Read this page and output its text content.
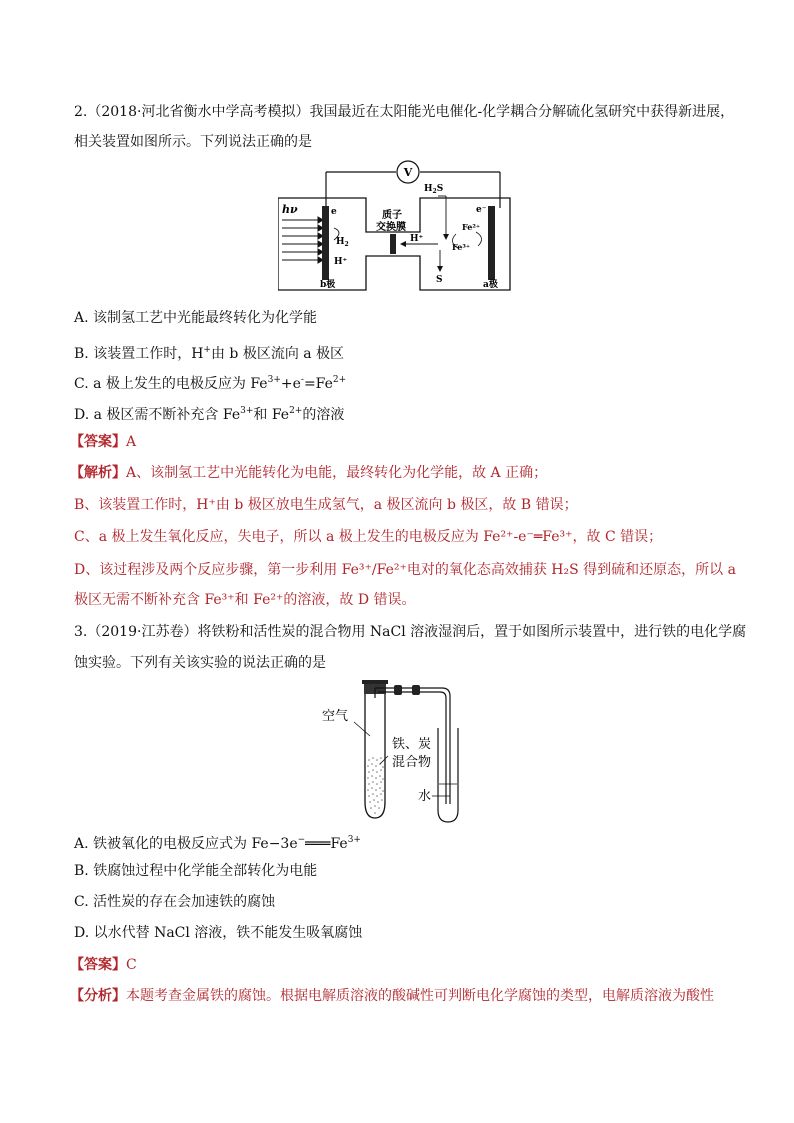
2.（2018·河北省衡水中学高考模拟）我国最近在太阳能光电催化-化学耦合分解硫化氢研究中获得新进展，
相关装置如图所示。下列说法正确的是
V
hν	e
$H_2$
H⁺
b极
质子
交换膜
$H_2S$
H⁺
S
Fe²⁺
Fe³⁺
e⁻
a极
A. 该制氢工艺中光能最终转化为化学能
B. 该装置工作时，H+由 b 极区流向 a 极区
C. a 极上发生的电极反应为 $Fe^{3+}+e^-=Fe^{2+}$
D. a 极区需不断补充含 $Fe^{3+}$和 $Fe^{2+}$的溶液
【答案】A
【解析】A、该制氢工艺中光能转化为电能，最终转化为化学能，故 A 正确；
B、该装置工作时，H⁺由 b 极区放电生成氢气，a 极区流向 b 极区，故 B 错误；
C、a 极上发生氧化反应，失电子，所以 a 极上发生的电极反应为 Fe²⁺-e⁻═Fe³⁺，故 C 错误；
D、该过程涉及两个反应步骤，第一步利用 Fe³⁺/Fe²⁺电对的氧化态高效捕获 H₂S 得到硫和还原态，所以 a
极区无需不断补充含 Fe³⁺和 Fe²⁺的溶液，故 D 错误。
3.（2019·江苏卷）将铁粉和活性炭的混合物用 NaCl 溶液湿润后，置于如图所示装置中，进行铁的电化学腐
蚀实验。下列有关该实验的说法正确的是
空气
铁、炭
混合物
水
A. 铁被氧化的电极反应式为 $Fe-3e^-═══Fe^{3+}$
B. 铁腐蚀过程中化学能全部转化为电能
C. 活性炭的存在会加速铁的腐蚀
D. 以水代替 NaCl 溶液，铁不能发生吸氧腐蚀
【答案】C
【分析】本题考查金属铁的腐蚀。根据电解质溶液的酸碱性可判断电化学腐蚀的类型，电解质溶液为酸性
